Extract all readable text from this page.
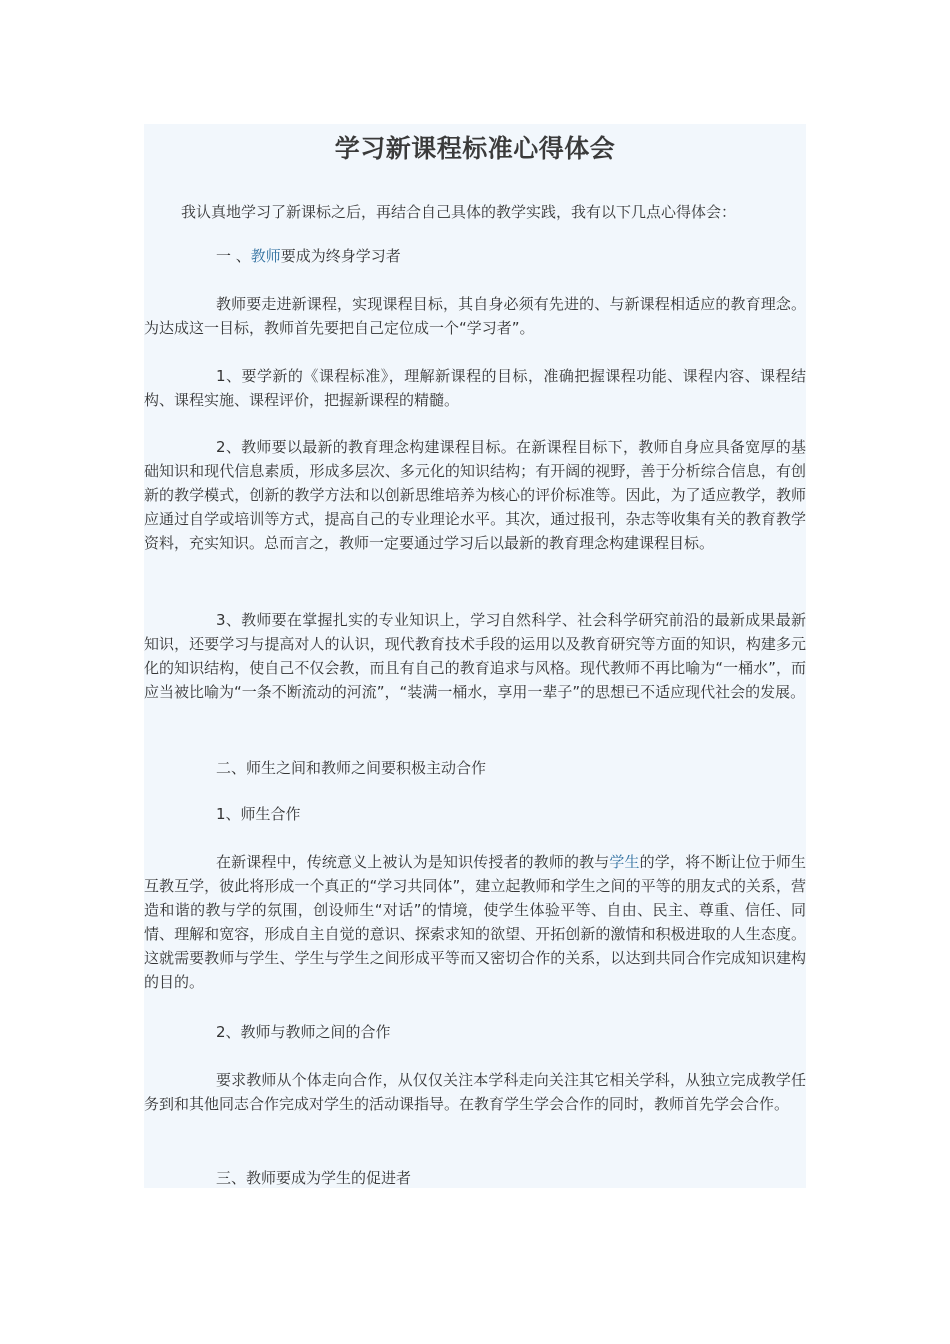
学习新课程标准心得体会

我认真地学习了新课标之后，再结合自己具体的教学实践，我有以下几点心得体会：

一 、教师要成为终身学习者

教师要走进新课程，实现课程目标，其自身必须有先进的、与新课程相适应的教育理念。为达成这一目标，教师首先要把自己定位成一个“学习者”。

1、要学新的《课程标准》，理解新课程的目标，准确把握课程功能、课程内容、课程结构、课程实施、课程评价，把握新课程的精髓。

2、教师要以最新的教育理念构建课程目标。在新课程目标下，教师自身应具备宽厚的基础知识和现代信息素质，形成多层次、多元化的知识结构；有开阔的视野，善于分析综合信息，有创新的教学模式，创新的教学方法和以创新思维培养为核心的评价标准等。因此，为了适应教学，教师应通过自学或培训等方式，提高自己的专业理论水平。其次，通过报刊，杂志等收集有关的教育教学资料，充实知识。总而言之，教师一定要通过学习后以最新的教育理念构建课程目标。

3、教师要在掌握扎实的专业知识上，学习自然科学、社会科学研究前沿的最新成果最新知识，还要学习与提高对人的认识，现代教育技术手段的运用以及教育研究等方面的知识，构建多元化的知识结构，使自己不仅会教，而且有自己的教育追求与风格。现代教师不再比喻为“一桶水”，而应当被比喻为“一条不断流动的河流”，“装满一桶水，享用一辈子”的思想已不适应现代社会的发展。

二、师生之间和教师之间要积极主动合作

1、师生合作

在新课程中，传统意义上被认为是知识传授者的教师的教与学生的学，将不断让位于师生互教互学，彼此将形成一个真正的“学习共同体”，建立起教师和学生之间的平等的朋友式的关系，营造和谐的教与学的氛围，创设师生“对话”的情境，使学生体验平等、自由、民主、尊重、信任、同情、理解和宽容，形成自主自觉的意识、探索求知的欲望、开拓创新的激情和积极进取的人生态度。这就需要教师与学生、学生与学生之间形成平等而又密切合作的关系，以达到共同合作完成知识建构的目的。

2、教师与教师之间的合作

要求教师从个体走向合作，从仅仅关注本学科走向关注其它相关学科，从独立完成教学任务到和其他同志合作完成对学生的活动课指导。在教育学生学会合作的同时，教师首先学会合作。

三、教师要成为学生的促进者
